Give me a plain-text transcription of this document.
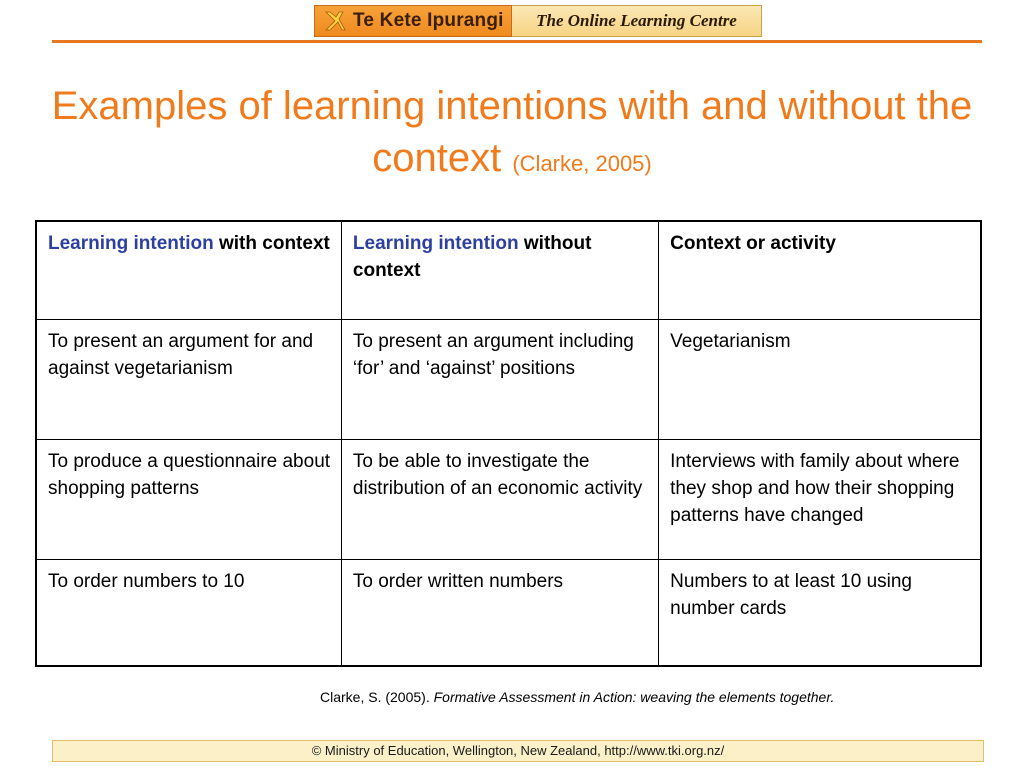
Te Kete Ipurangi The Online Learning Centre
Examples of learning intentions with and without the context (Clarke, 2005)
Learning intention with context	Learning intention without context	Context or activity
To present an argument for and against vegetarianism	To present an argument including ‘for’ and ‘against’ positions	Vegetarianism
To produce a questionnaire about shopping patterns	To be able to investigate the distribution of an economic activity	Interviews with family about where they shop and how their shopping patterns have changed
To order numbers to 10	To order written numbers	Numbers to at least 10 using number cards
Clarke, S. (2005). Formative Assessment in Action: weaving the elements together.
© Ministry of Education, Wellington, New Zealand, http://www.tki.org.nz/
